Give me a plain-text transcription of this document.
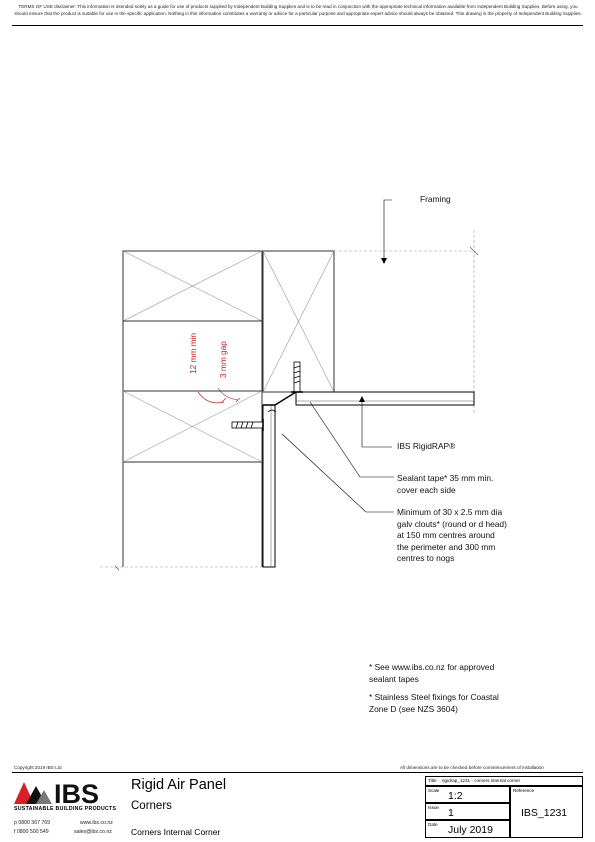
TERMS OF USE disclaimer: This information is intended solely as a guide for use of products supplied by Independent Building Supplies and is to be read in conjunction with the appropriate technical information available from Independent Building Supplies. Before using, you should ensure that the product is suitable for use in the specific application. Nothing in this information constitutes a warranty or advice for a particular purpose and appropriate expert advice should always be obtained. This drawing is the property of Independent Building Supplies.
12 mm min 3 mm gap
Framing
IBS RigidRAP®
Sealant tape* 35 mm min.
cover each side
Minimum of 30 x 2.5 mm dia
galv clouts* (round or d head)
at 150 mm centres around
the perimeter and 300 mm
centres to nogs
* See www.ibs.co.nz for approved
sealant tapes
* Stainless Steel fixings for Coastal
Zone D (see NZS 3604)
Copyright 2019 IBS Ltd	All dimensions are to be checked before commencement of installation
IBS
SUSTAINABLE BUILDING PRODUCTS
p 0800 367 769
f 0800 500 549
www.ibs.co.nz
sales@ibs.co.nz
Rigid Air Panel
Corners
Corners Internal Corner
Title rigidrap_1231 - corners internal corner
Scale 1:2	Reference
IBS_1231
Issue 1
Date July 2019
